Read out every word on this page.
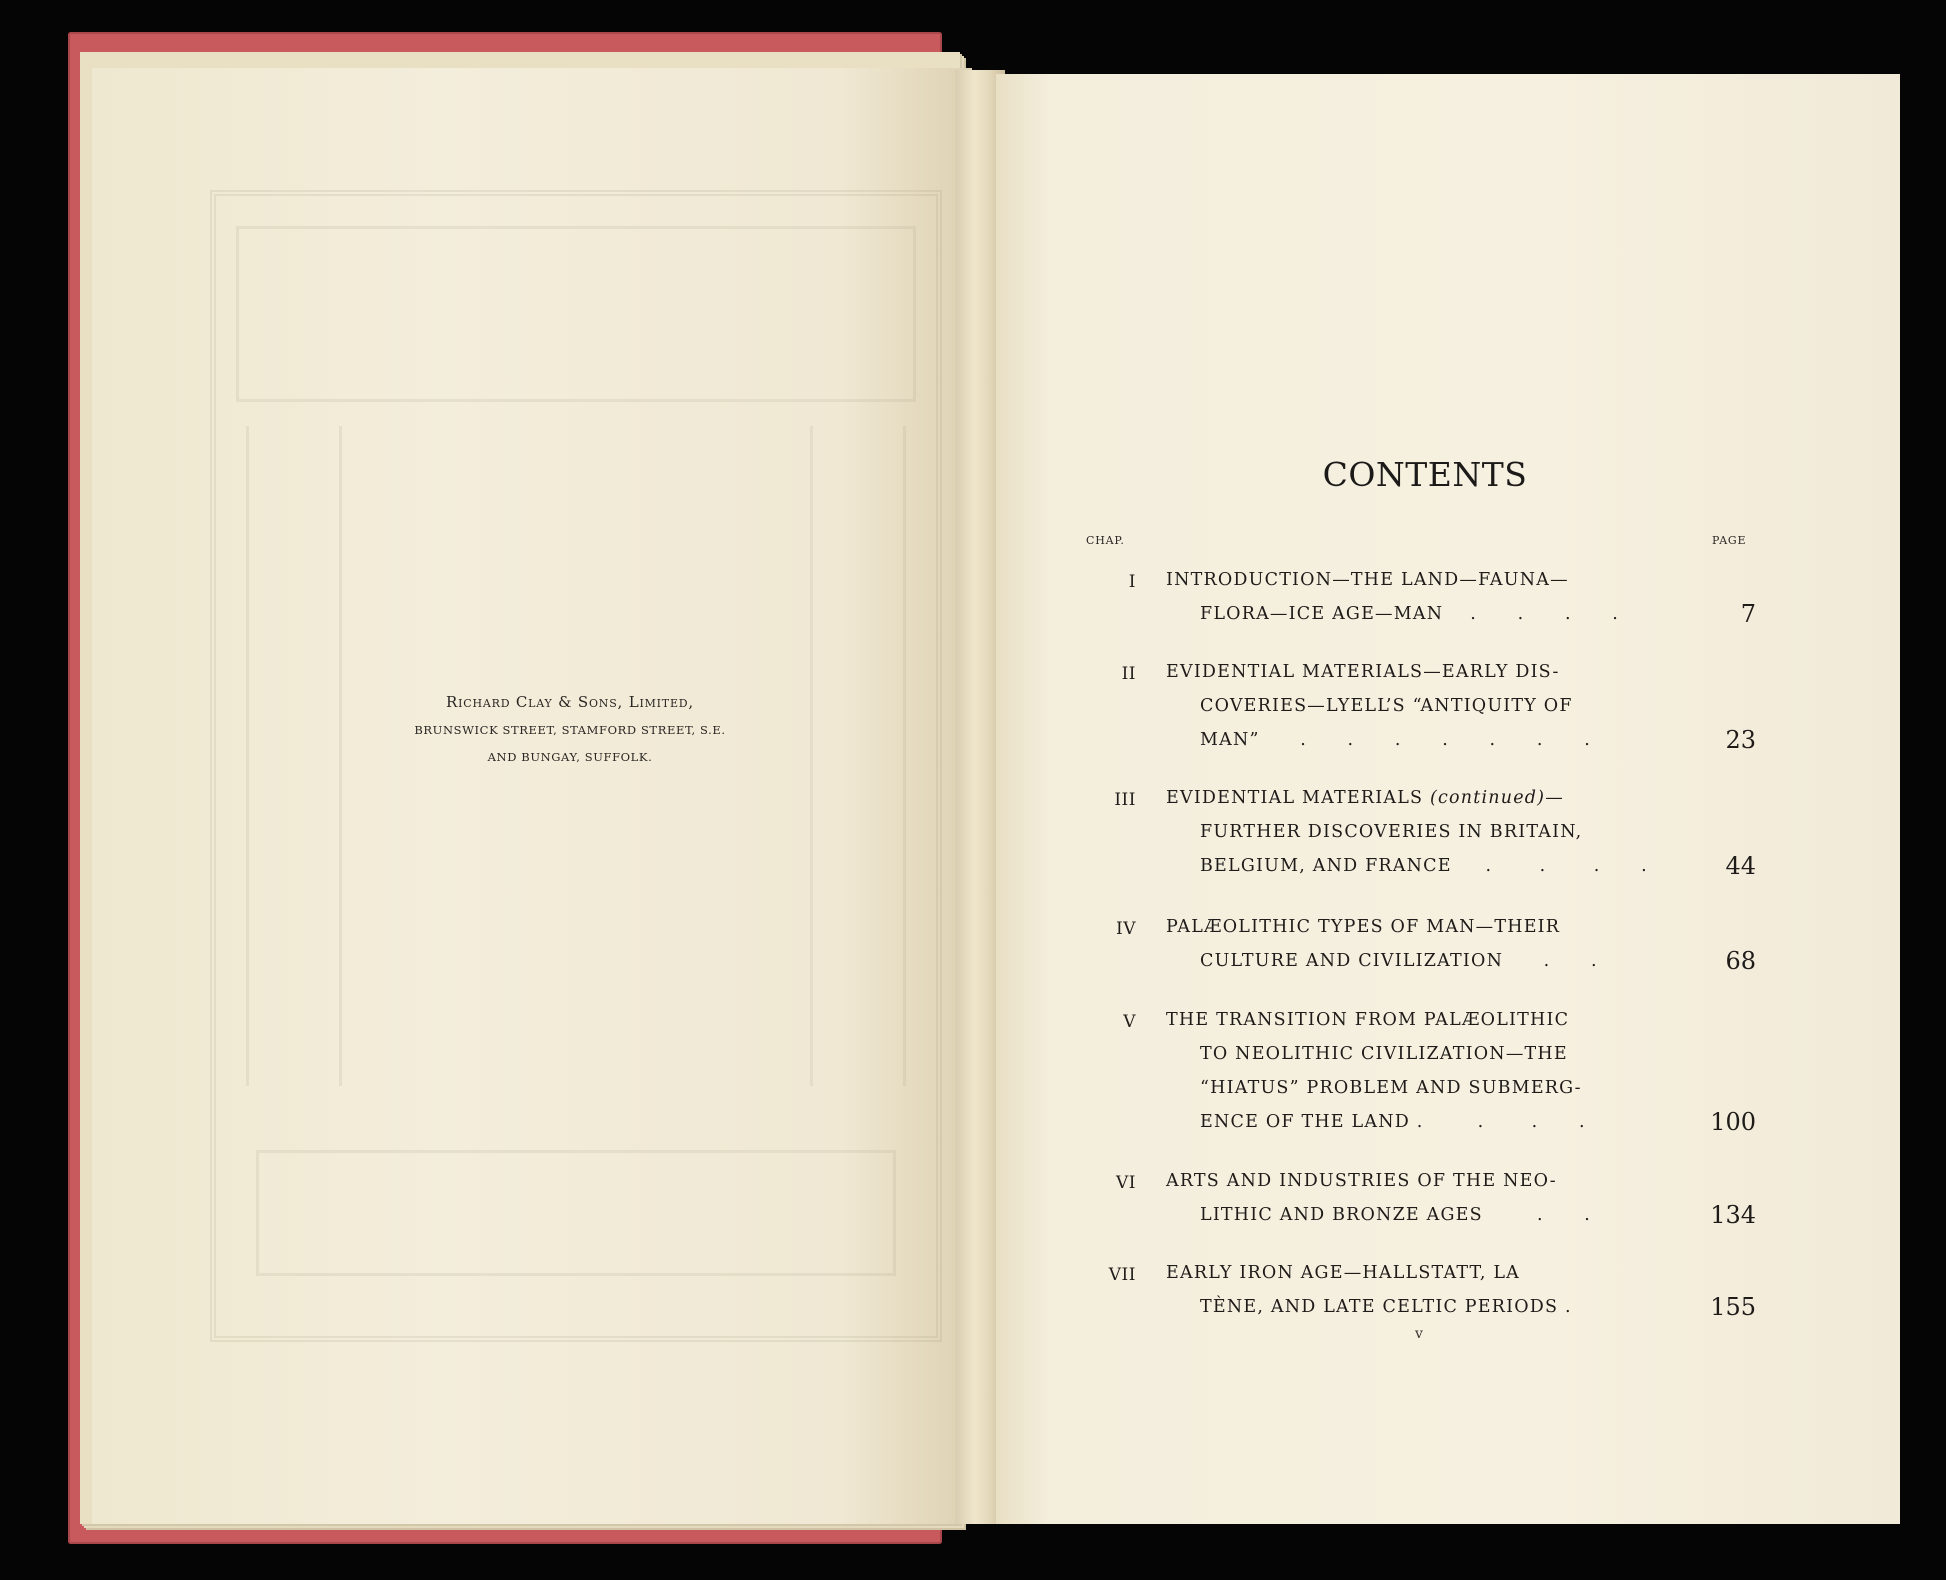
Richard Clay & Sons, Limited,
BRUNSWICK STREET, STAMFORD STREET, S.E.
AND BUNGAY, SUFFOLK.
CONTENTS
CHAP.	PAGE
I INTRODUCTION—THE LAND—FAUNA—
FLORA—ICE AGE—MAN    .      .      .      .	7
II EVIDENTIAL MATERIALS—EARLY DIS-
COVERIES—LYELL’S “ANTIQUITY OF
MAN”      .      .      .      .      .      .      .	23
III EVIDENTIAL MATERIALS (continued)—
FURTHER DISCOVERIES IN BRITAIN,
BELGIUM, AND FRANCE     .       .       .      .	44
IV PALÆOLITHIC TYPES OF MAN—THEIR
CULTURE AND CIVILIZATION      .      .	68
V THE TRANSITION FROM PALÆOLITHIC
TO NEOLITHIC CIVILIZATION—THE
“HIATUS” PROBLEM AND SUBMERG-
ENCE OF THE LAND .        .       .      .	100
VI ARTS AND INDUSTRIES OF THE NEO-
LITHIC AND BRONZE AGES        .      .	134
VII EARLY IRON AGE—HALLSTATT, LA
TÈNE, AND LATE CELTIC PERIODS .	155
v
